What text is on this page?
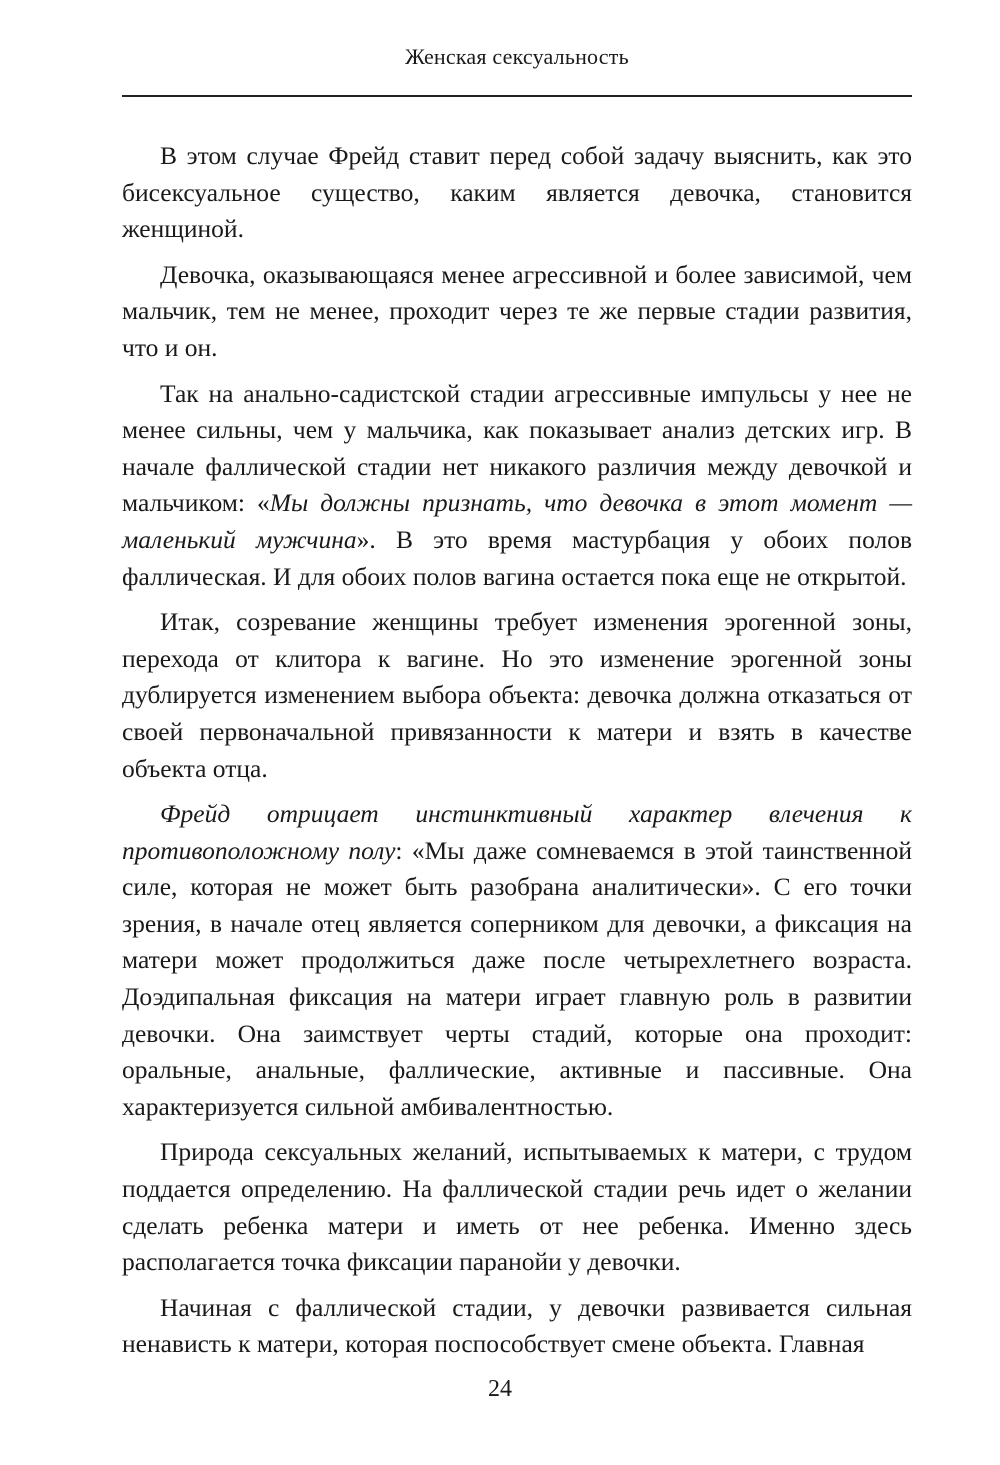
Женская сексуальность

В этом случае Фрейд ставит перед собой задачу выяснить, как это бисексуальное существо, каким является девочка, становится женщиной.

Девочка, оказывающаяся менее агрессивной и более зависимой, чем мальчик, тем не менее, проходит через те же первые стадии развития, что и он.

Так на анально-садистской стадии агрессивные импульсы у нее не менее сильны, чем у мальчика, как показывает анализ детских игр. В начале фаллической стадии нет никакого различия между девочкой и мальчиком: «Мы должны признать, что девочка в этот момент — маленький мужчина». В это время мастурбация у обоих полов фаллическая. И для обоих полов вагина остается пока еще не открытой.

Итак, созревание женщины требует изменения эрогенной зоны, перехода от клитора к вагине. Но это изменение эрогенной зоны дублируется изменением выбора объекта: девочка должна отказаться от своей первоначальной привязанности к матери и взять в качестве объекта отца.

Фрейд отрицает инстинктивный характер влечения к противоположному полу: «Мы даже сомневаемся в этой таинственной силе, которая не может быть разобрана аналитически». С его точки зрения, в начале отец является соперником для девочки, а фиксация на матери может продолжиться даже после четырехлетнего возраста. Доэдипальная фиксация на матери играет главную роль в развитии девочки. Она заимствует черты стадий, которые она проходит: оральные, анальные, фаллические, активные и пассивные. Она характеризуется сильной амбивалентностью.

Природа сексуальных желаний, испытываемых к матери, с трудом поддается определению. На фаллической стадии речь идет о желании сделать ребенка матери и иметь от нее ребенка. Именно здесь располагается точка фиксации паранойи у девочки.

Начиная с фаллической стадии, у девочки развивается сильная ненависть к матери, которая поспособствует смене объекта. Главная

24
